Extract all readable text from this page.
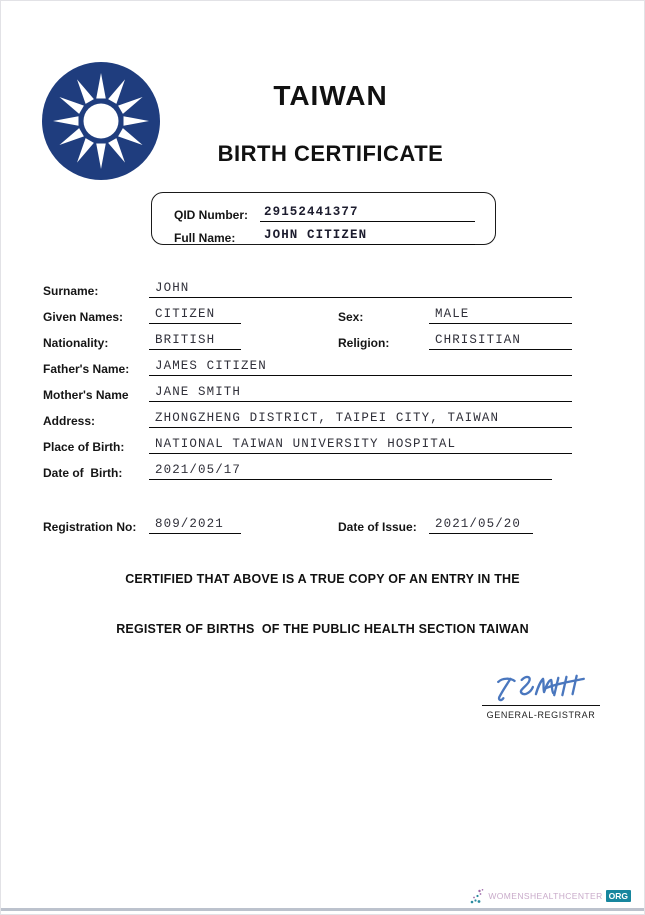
TAIWAN
BIRTH CERTIFICATE
QID Number:	29152441377
Full Name:	JOHN CITIZEN
Surname:	JOHN
Given Names:	CITIZEN	Sex:	MALE
Nationality:	BRITISH	Religion:	CHRISITIAN
Father's Name:	JAMES CITIZEN
Mother's Name	JANE SMITH
Address:	ZHONGZHENG DISTRICT, TAIPEI CITY, TAIWAN
Place of Birth:	NATIONAL TAIWAN UNIVERSITY HOSPITAL
Date of  Birth:	2021/05/17
Registration No:	809/2021	Date of Issue:	2021/05/20
CERTIFIED THAT ABOVE IS A TRUE COPY OF AN ENTRY IN THE
REGISTER OF BIRTHS  OF THE PUBLIC HEALTH SECTION TAIWAN
GENERAL-REGISTRAR
WOMENSHEALTHCENTER ORG
